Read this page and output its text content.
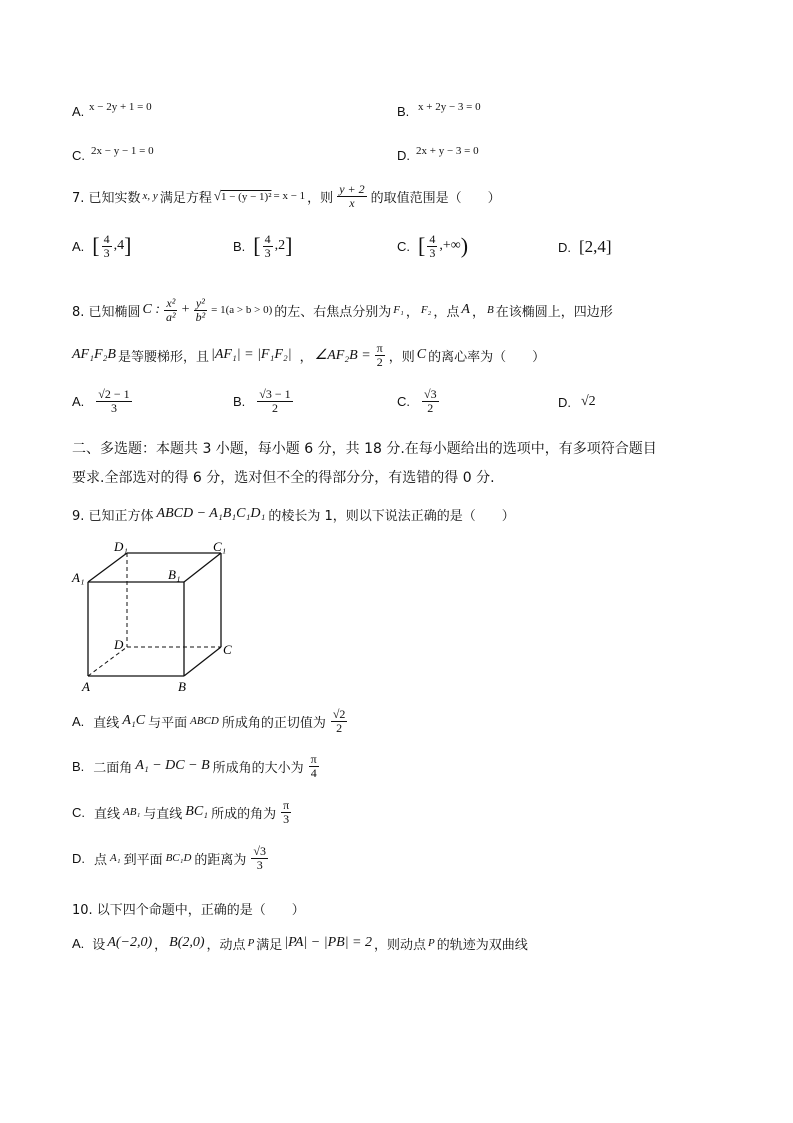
A. x − 2y + 1 = 0	B. x + 2y − 3 = 0
C. 2x − y − 1 = 0	D. 2x + y − 3 = 0
7. 已知实数 x, y 满足方程 √1 − (y − 1)² = x − 1 ，则 $\frac{y + 2}{x}$ 的取值范围是（　　）
A. [ $\frac{4}{3} ,4$ ]	B. [ $\frac{4}{3} ,2$ ]	C. [ $\frac{4}{3}$ ,+∞ )	D. [2,4]
8. 已知椭圆 C : $\frac{\text{x²}}{\text{a²}} + \frac{\text{y²}}{\text{b²}} = 1(a > b > 0)$ 的左、右焦点分别为 F₁ ， F₂ ，点 A ， B 在该椭圆上，四边形
AF₁F₂B 是等腰梯形，且 |AF₁| = |F₁F₂| ， ∠AF₂B = $\frac{\pi}{2}$ ，则 C 的离心率为（　　）
A. $\frac{√2 - 1}{3}$	B. $\frac{√3 - 1}{2}$	C. $\frac{√3}{2}$	D. √2
二、多选题：本题共 3 小题，每小题 6 分，共 18 分.在每小题给出的选项中，有多项符合题目
要求.全部选对的得 6 分，选对但不全的得部分分，有选错的得 0 分.
9. 已知正方体 ABCD − A₁B₁C₁D₁ 的棱长为 1，则以下说法正确的是（　　）
D₁	C₁
A₁	B₁
D	C
A	B
A. 直线 A₁C 与平面 ABCD 所成角的正切值为 $\frac{√2}{2}$
B. 二面角 A₁ − DC − B 所成角的大小为 $\frac{\pi}{4}$
C. 直线 AB₁ 与直线 BC₁ 所成的角为 $\frac{\pi}{3}$
D. 点 A₁ 到平面 BC₁D 的距离为 $\frac{√3}{3}$
10. 以下四个命题中，正确的是（　　）
A. 设 A(−2,0) ， B(2,0) ，动点 P 满足 |PA| − |PB| = 2 ，则动点 P 的轨迹为双曲线
